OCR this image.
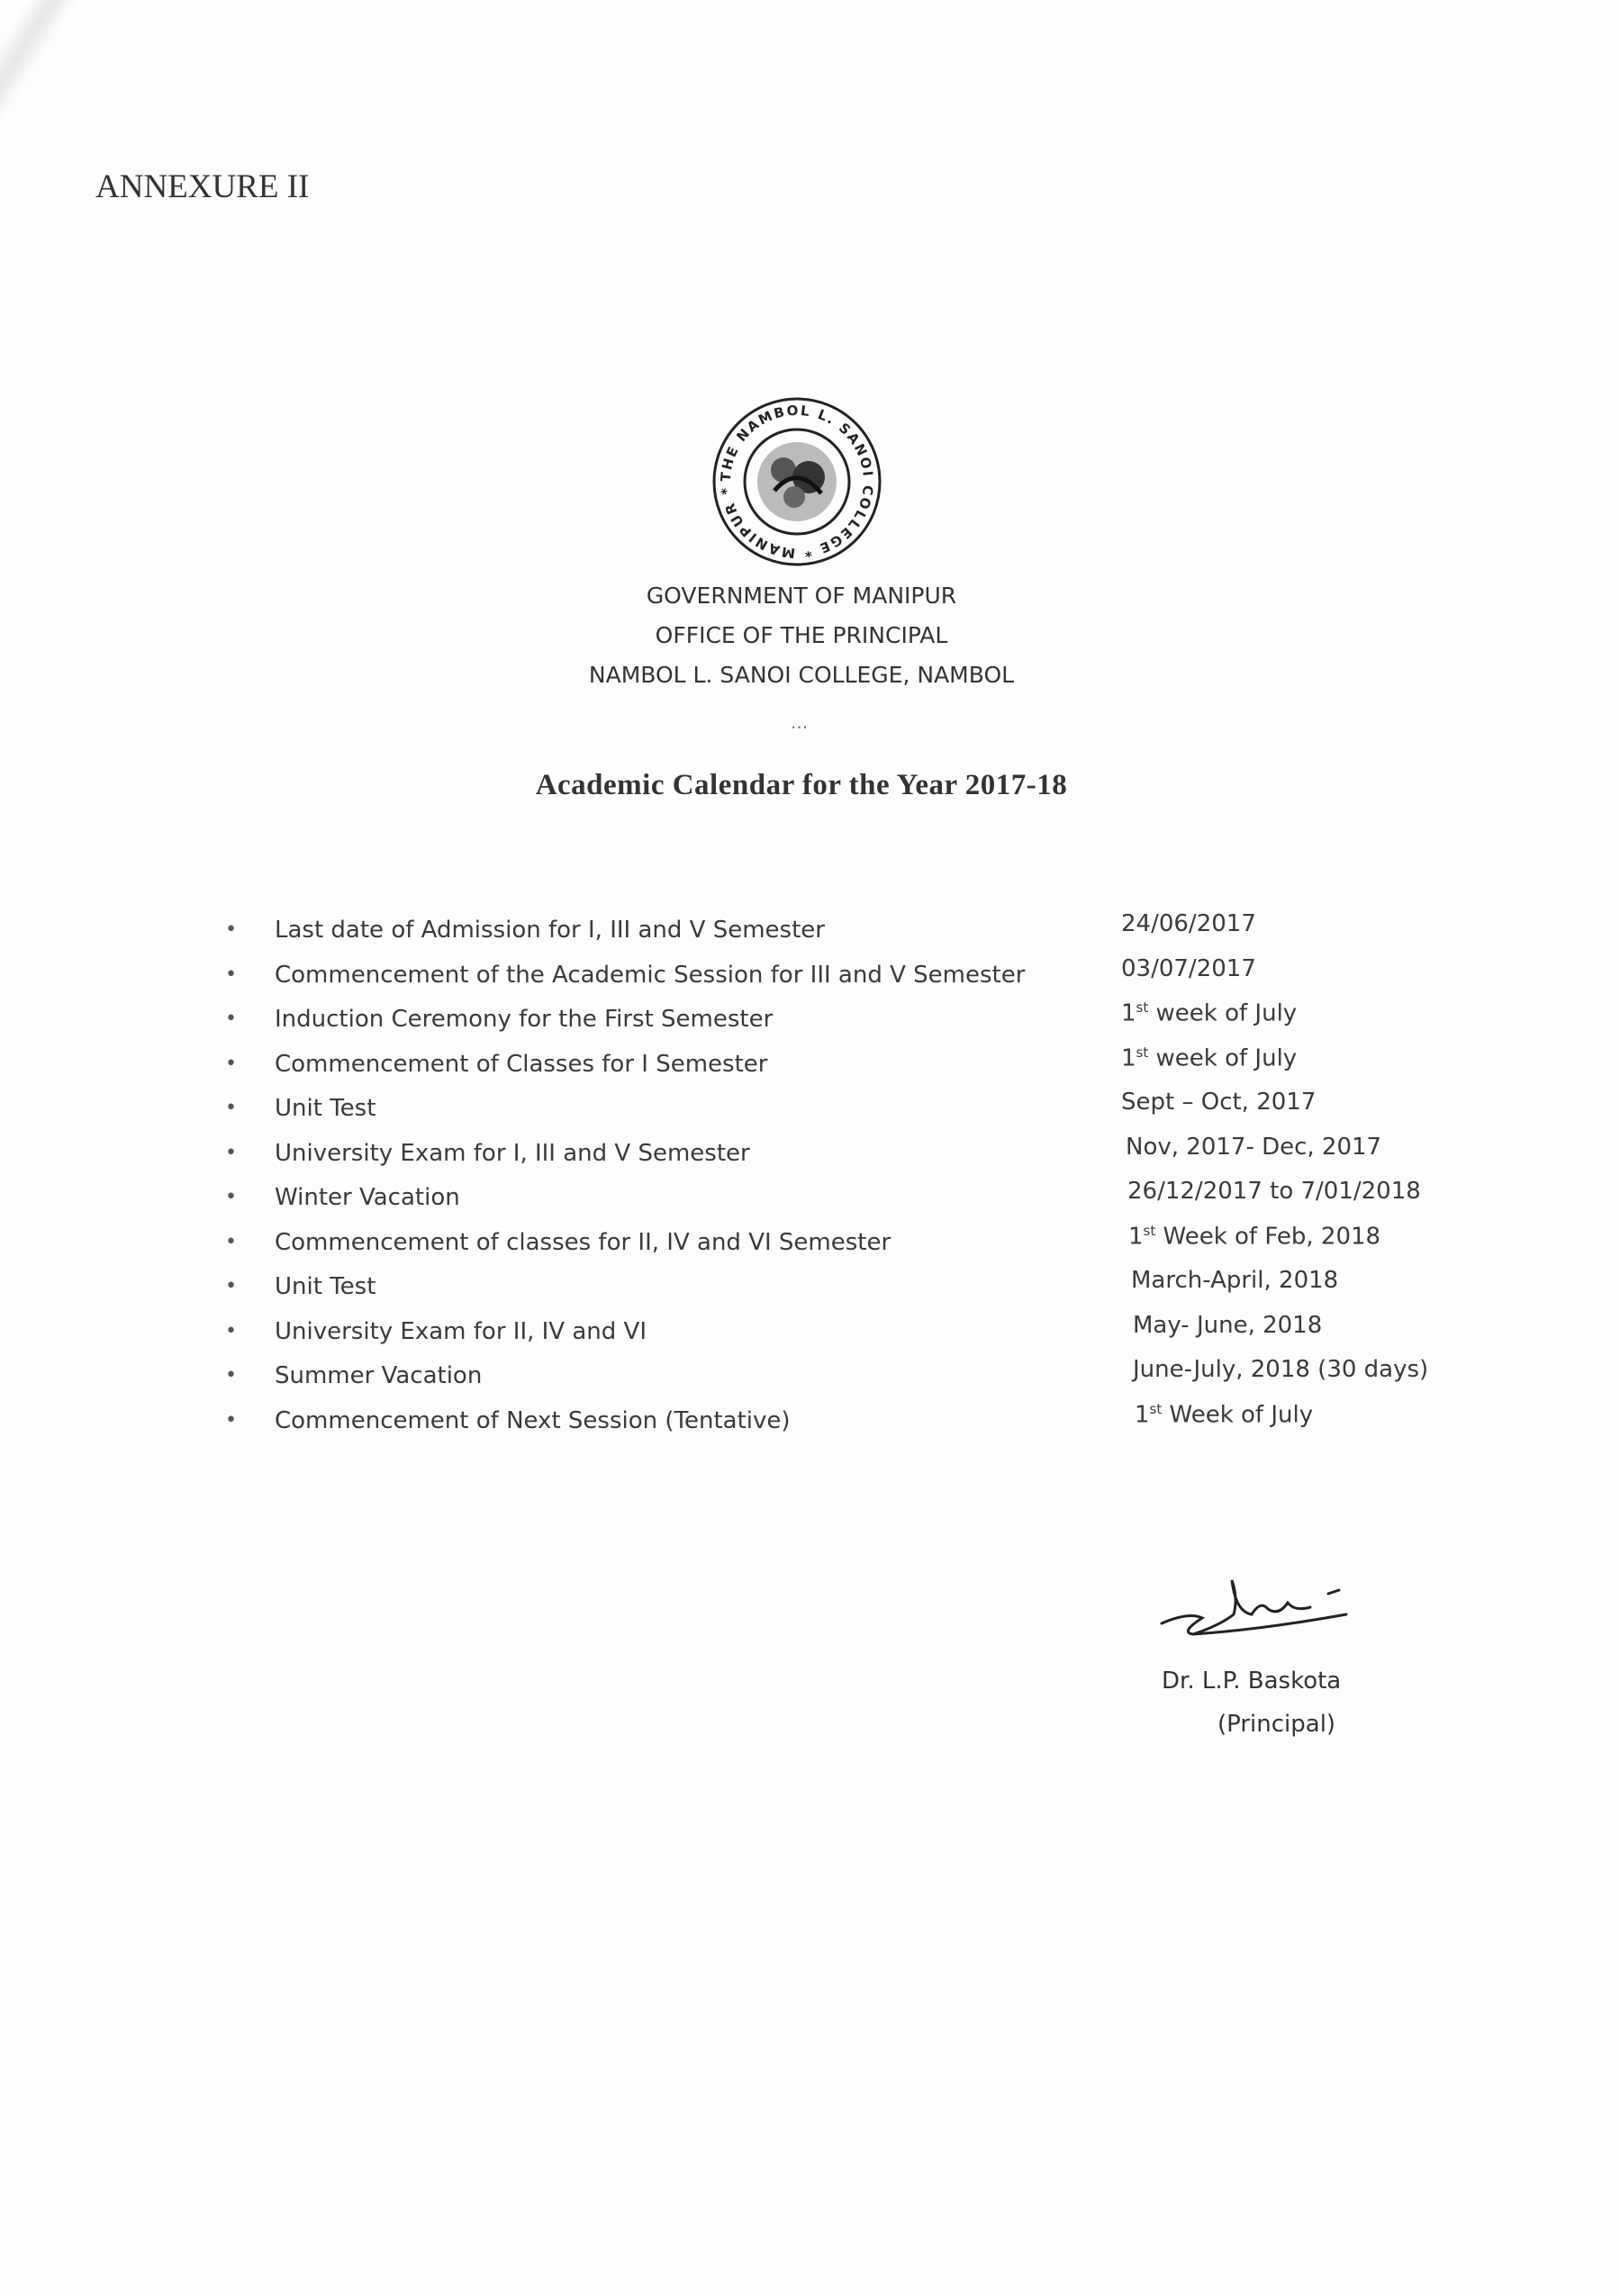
ANNEXURE II
THE NAMBOL L. SANOI COLLEGE * MANIPUR *
GOVERNMENT OF MANIPUR
OFFICE OF THE PRINCIPAL
NAMBOL L. SANOI COLLEGE, NAMBOL
...
Academic Calendar for the Year 2017-18
• Last date of Admission for I, III and V Semester	24/06/2017
• Commencement of the Academic Session for III and V Semester	03/07/2017
• Induction Ceremony for the First Semester	1st week of July
• Commencement of Classes for I Semester	1st week of July
• Unit Test	Sept – Oct, 2017
• University Exam for I, III and V Semester	Nov, 2017- Dec, 2017
• Winter Vacation	26/12/2017 to 7/01/2018
• Commencement of classes for II, IV and VI Semester	1st Week of Feb, 2018
• Unit Test	March-April, 2018
• University Exam for II, IV and VI	May- June, 2018
• Summer Vacation	June-July, 2018 (30 days)
• Commencement of Next Session (Tentative)	1st Week of July
Dr. L.P. Baskota
(Principal)
